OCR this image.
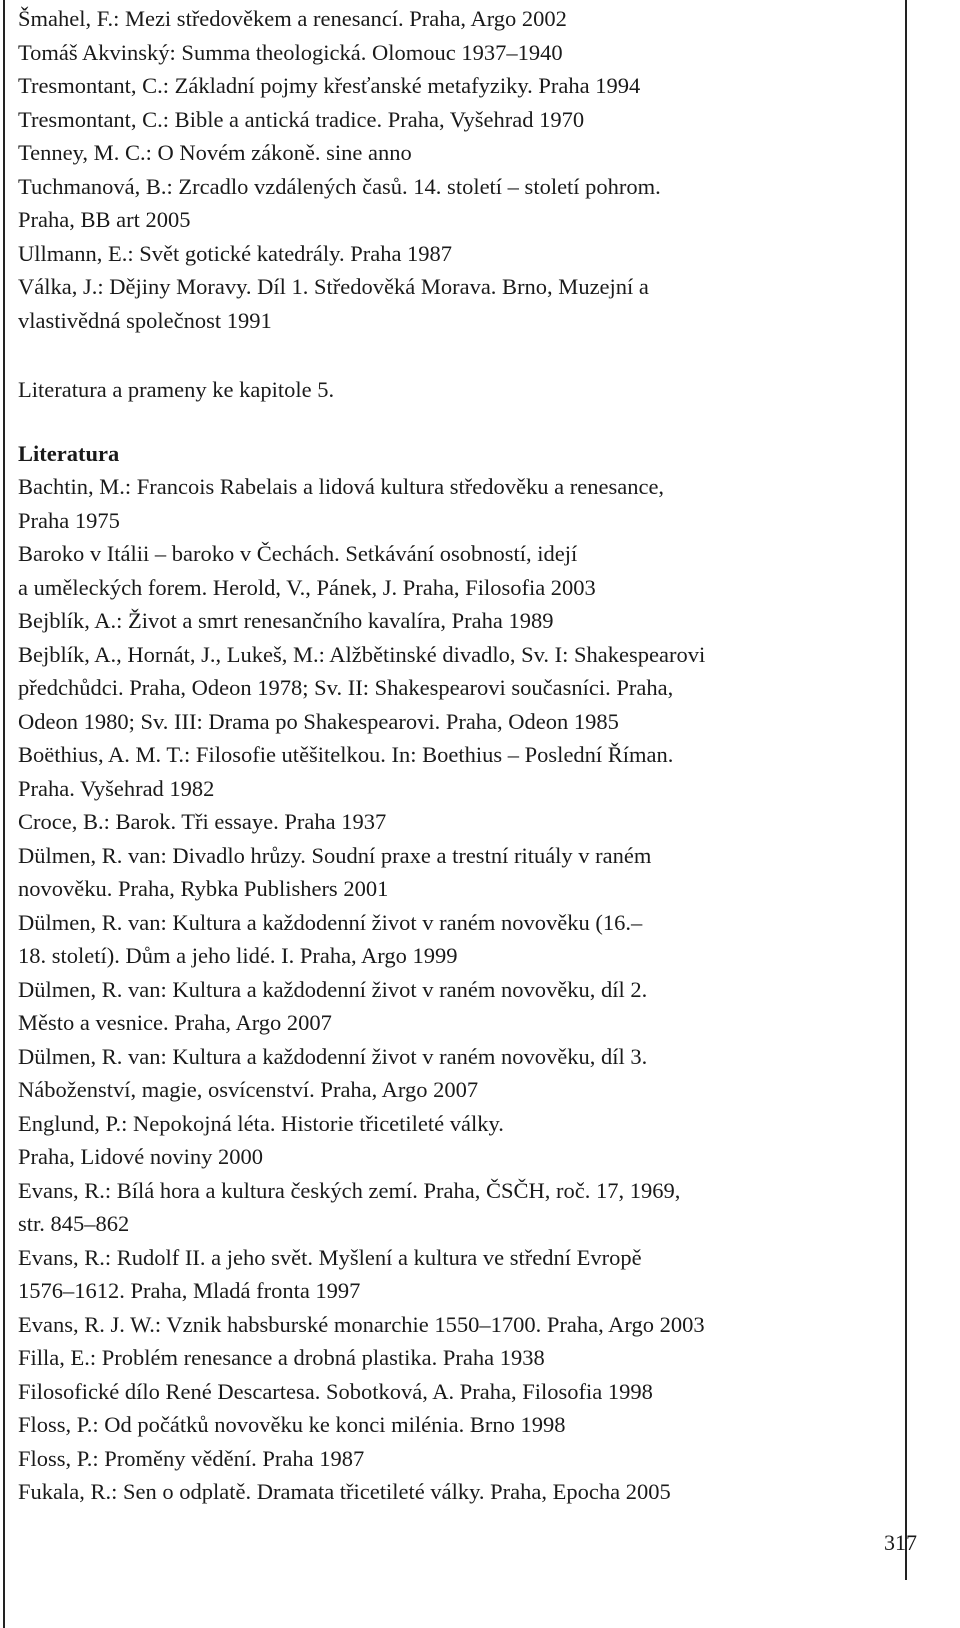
Šmahel, F.: Mezi středověkem a renesancí. Praha, Argo 2002
Tomáš Akvinský: Summa theologická. Olomouc 1937–1940
Tresmontant, C.: Základní pojmy křesťanské metafyziky. Praha 1994
Tresmontant, C.: Bible a antická tradice. Praha, Vyšehrad 1970
Tenney, M. C.: O Novém zákoně. sine anno
Tuchmanová, B.: Zrcadlo vzdálených časů. 14. století – století pohrom.
Praha, BB art 2005
Ullmann, E.: Svět gotické katedrály. Praha 1987
Válka, J.: Dějiny Moravy. Díl 1. Středověká Morava. Brno, Muzejní a
vlastivědná společnost 1991
Literatura a prameny ke kapitole 5.
Literatura
Bachtin, M.: Francois Rabelais a lidová kultura středověku a renesance,
Praha 1975
Baroko v Itálii – baroko v Čechách. Setkávání osobností, idejí
a uměleckých forem. Herold, V., Pánek, J. Praha, Filosofia 2003
Bejblík, A.: Život a smrt renesančního kavalíra, Praha 1989
Bejblík, A., Hornát, J., Lukeš, M.: Alžbětinské divadlo, Sv. I: Shakespearovi
předchůdci. Praha, Odeon 1978; Sv. II: Shakespearovi současníci. Praha,
Odeon 1980; Sv. III: Drama po Shakespearovi. Praha, Odeon 1985
Boëthius, A. M. T.: Filosofie utěšitelkou. In: Boethius – Poslední Říman.
Praha. Vyšehrad 1982
Croce, B.: Barok. Tři essaye. Praha 1937
Dülmen, R. van: Divadlo hrůzy. Soudní praxe a trestní rituály v raném
novověku. Praha, Rybka Publishers 2001
Dülmen, R. van: Kultura a každodenní život v raném novověku (16.–
18. století). Dům a jeho lidé. I. Praha, Argo 1999
Dülmen, R. van: Kultura a každodenní život v raném novověku, díl 2.
Město a vesnice. Praha, Argo 2007
Dülmen, R. van: Kultura a každodenní život v raném novověku, díl 3.
Náboženství, magie, osvícenství. Praha, Argo 2007
Englund, P.: Nepokojná léta. Historie třicetileté války.
Praha, Lidové noviny 2000
Evans, R.: Bílá hora a kultura českých zemí. Praha, ČSČH, roč. 17, 1969,
str. 845–862
Evans, R.: Rudolf II. a jeho svět. Myšlení a kultura ve střední Evropě
1576–1612. Praha, Mladá fronta 1997
Evans, R. J. W.: Vznik habsburské monarchie 1550–1700. Praha, Argo 2003
Filla, E.: Problém renesance a drobná plastika. Praha 1938
Filosofické dílo René Descartesa. Sobotková, A. Praha, Filosofia 1998
Floss, P.: Od počátků novověku ke konci milénia. Brno 1998
Floss, P.: Proměny vědění. Praha 1987
Fukala, R.: Sen o odplatě. Dramata třicetileté války. Praha, Epocha 2005
317
